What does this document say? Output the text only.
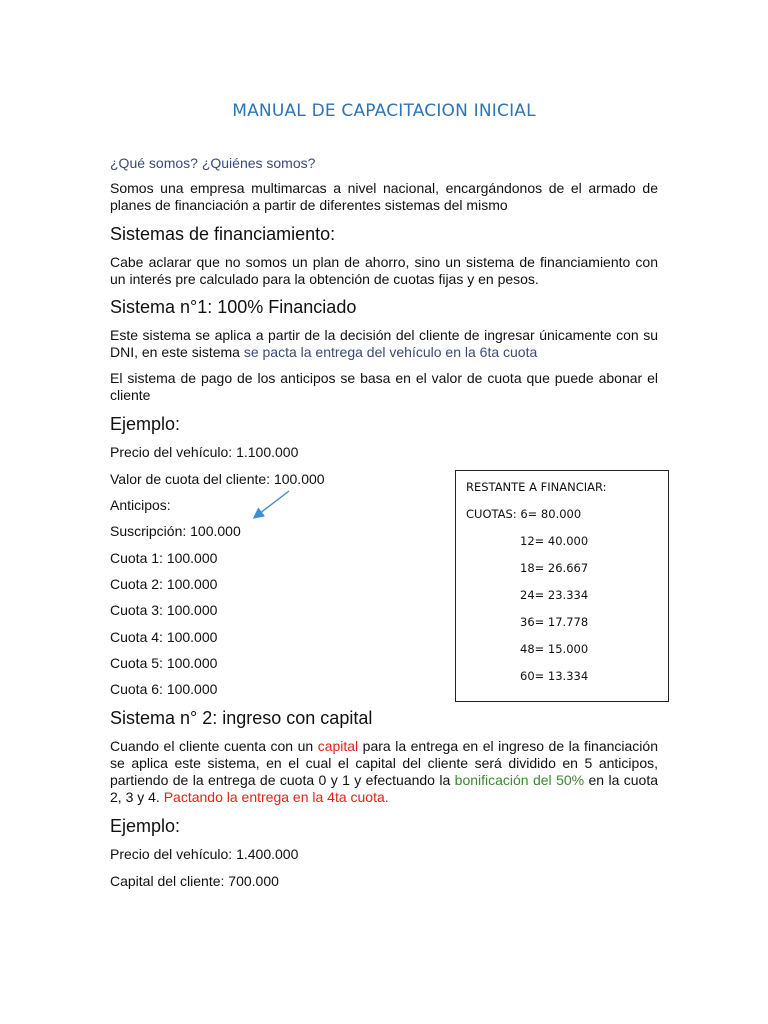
MANUAL DE CAPACITACION INICIAL
¿Qué somos? ¿Quiénes somos?
Somos una empresa multimarcas a nivel nacional, encargándonos de el armado de planes de financiación a partir de diferentes sistemas del mismo
Sistemas de financiamiento:
Cabe aclarar que no somos un plan de ahorro, sino un sistema de financiamiento con un interés pre calculado para la obtención de cuotas fijas y en pesos.
Sistema n°1: 100% Financiado
Este sistema se aplica a partir de la decisión del cliente de ingresar únicamente con su DNI, en este sistema se pacta la entrega del vehículo en la 6ta cuota
El sistema de pago de los anticipos se basa en el valor de cuota que puede abonar el cliente
Ejemplo:
Precio del vehículo: 1.100.000
Valor de cuota del cliente: 100.000
Anticipos:
Suscripción: 100.000
Cuota 1: 100.000
Cuota 2: 100.000
Cuota 3: 100.000
Cuota 4: 100.000
Cuota 5: 100.000
Cuota 6: 100.000
RESTANTE A FINANCIAR:
CUOTAS: 6= 80.000
12= 40.000
18= 26.667
24= 23.334
36= 17.778
48= 15.000
60= 13.334
Sistema n° 2: ingreso con capital
Cuando el cliente cuenta con un capital para la entrega en el ingreso de la financiación se aplica este sistema, en el cual el capital del cliente será dividido en 5 anticipos, partiendo de la entrega de cuota 0 y 1 y efectuando la bonificación del 50% en la cuota 2, 3 y 4. Pactando la entrega en la 4ta cuota.
Ejemplo:
Precio del vehículo: 1.400.000
Capital del cliente: 700.000
